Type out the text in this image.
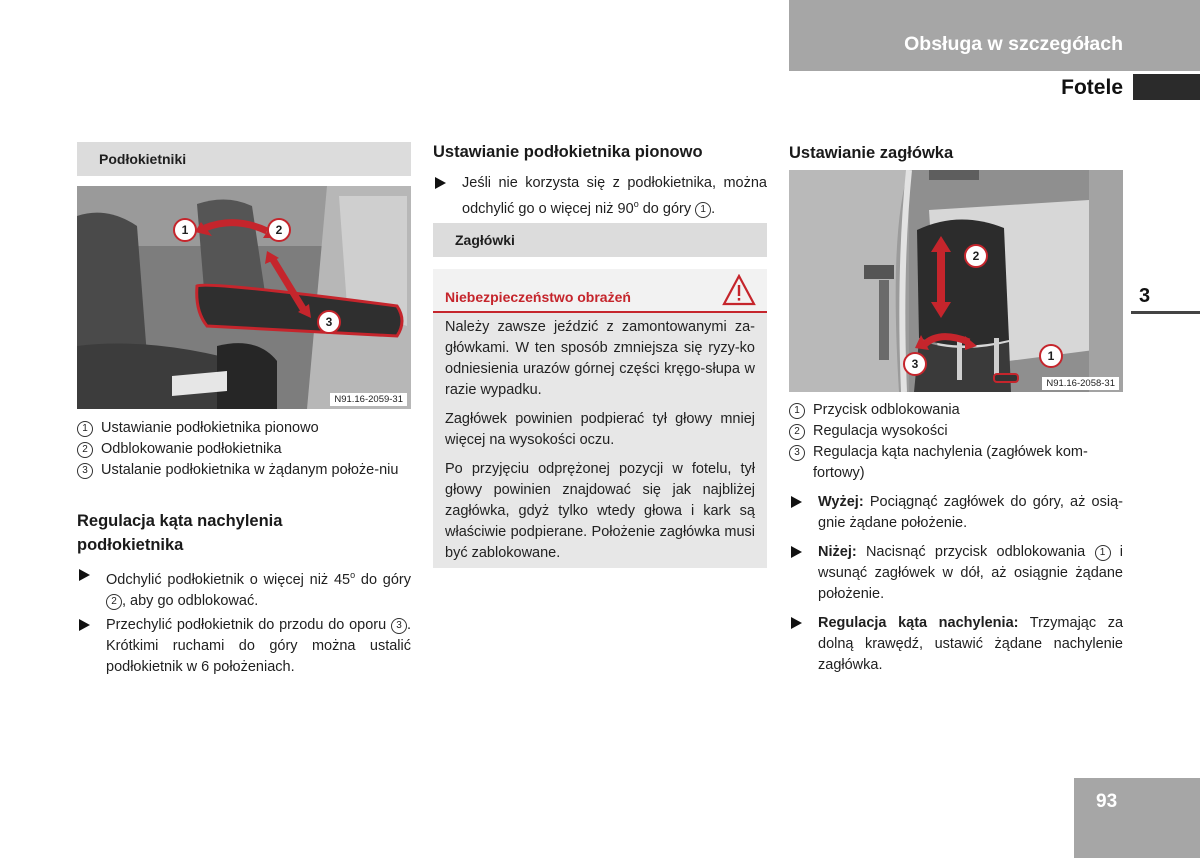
Obsługa w szczegółach
Fotele
3
93
Podłokietniki
1	2
3
N91.16-2059-31
1 Ustawianie podłokietnika pionowo
2 Odblokowanie podłokietnika
3 Ustalanie podłokietnika w żądanym położe-niu
Regulacja kąta nachylenia
podłokietnika
Odchylić podłokietnik o więcej niż 45$^o$ do góry 2 , aby go odblokować.
Przechylić podłokietnik do przodu do oporu 3 . Krótkimi ruchami do góry można ustalić podłokietnik w 6 położeniach.
Ustawianie podłokietnika pionowo
Jeśli nie korzysta się z podłokietnika, można odchylić go o więcej niż 90$^o$ do góry 1 .
Zagłówki
Niebezpieczeństwo obrażeń

Należy zawsze jeździć z zamontowanymi za-główkami. W ten sposób zmniejsza się ryzy-ko odniesienia urazów górnej części kręgo-słupa w razie wypadku.

Zagłówek powinien podpierać tył głowy mniej więcej na wysokości oczu.

Po przyjęciu odprężonej pozycji w fotelu, tył głowy powinien znajdować się jak najbliżej zagłówka, gdyż tylko wtedy głowa i kark są właściwie podpierane. Położenie zagłówka musi być zablokowane.

Ustawianie zagłówka
2
1
3
N91.16-2058-31
1 Przycisk odblokowania
2 Regulacja wysokości
3 Regulacja kąta nachylenia (zagłówek kom-fortowy)
Wyżej: Pociągnąć zagłówek do góry, aż osią-gnie żądane położenie.
Niżej: Nacisnąć przycisk odblokowania 1 i wsunąć zagłówek w dół, aż osiągnie żądane położenie.
Regulacja kąta nachylenia: Trzymając za dolną krawędź, ustawić żądane nachylenie zagłówka.
